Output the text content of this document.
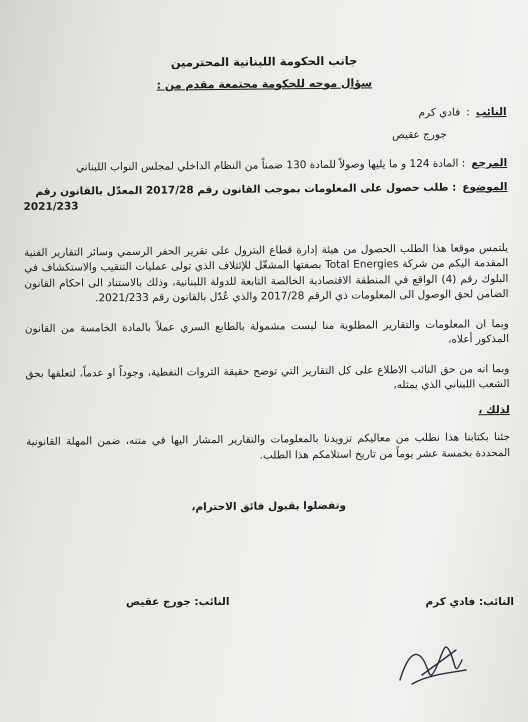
جانب الحكومة اللبنانية المحترمين
سؤال موجه للحكومة مجتمعة مقدم من :
النائب
:
فادي كرم
جورج عقيص
المرجع
: المادة 124 و ما يليها وصولاً للمادة 130 ضمناً من النظام الداخلي لمجلس النواب اللبناني
الموضوع
: طلب حصول على المعلومات بموجب القانون رقم 2017/28 المعدّل بالقانون رقم
2021/233
يلتمس موقعا هذا الطلب الحصول من هيئة إدارة قطاع البترول على تقرير الحفر الرسمي وسائر التقارير الفنية المقدمة اليكم من شركة Total Energies بصفتها المشغّل للإئتلاف الذي تولى عمليات التنقيب والاستكشاف في البلوك رقم (4) الواقع في المنطقة الاقتصادية الخالصة التابعة للدولة اللبنانية، وذلك بالاستناد الى احكام القانون الضامن لحق الوصول الى المعلومات ذي الرقم 2017/28 والذي عُدّل بالقانون رقم 2021/233.
وبما ان المعلومات والتقارير المطلوبة منا ليست مشمولة بالطابع السري عملاً بالمادة الخامسة من القانون المذكور أعلاه،
وبما انه من حق النائب الاطلاع على كل التقارير التي توضح حقيقة الثروات النفطية، وجوداً او عدماً، لتعلقها بحق الشعب اللبناني الذي يمثله،
لذلك ،
جئنا بكتابنا هذا نطلب من معاليكم تزويدنا بالمعلومات والتقارير المشار اليها في متنه، ضمن المهلة القانونية المحددة بخمسة عشر يوماً من تاريخ استلامكم هذا الطلب.
وتفضلوا بقبول فائق الاحترام،
النائب: فادي كرم
النائب: جورج عقيص
